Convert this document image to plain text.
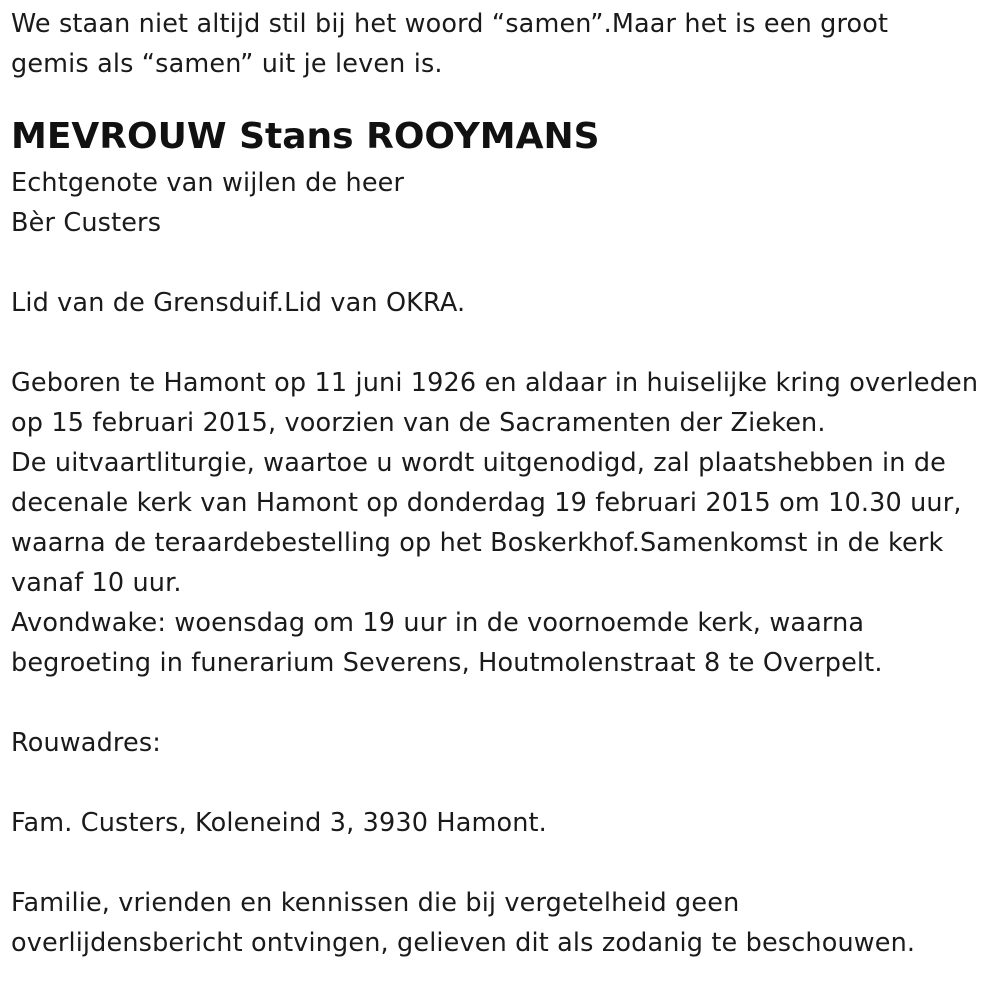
We staan niet altijd stil bij het woord “samen”.Maar het is een groot
gemis als “samen” uit je leven is.
MEVROUW Stans ROOYMANS
Echtgenote van wijlen de heer
Bèr Custers
Lid van de Grensduif.Lid van OKRA.
Geboren te Hamont op 11 juni 1926 en aldaar in huiselijke kring overleden
op 15 februari 2015, voorzien van de Sacramenten der Zieken.
De uitvaartliturgie, waartoe u wordt uitgenodigd, zal plaatshebben in de
decenale kerk van Hamont op donderdag 19 februari 2015 om 10.30 uur,
waarna de teraardebestelling op het Boskerkhof.Samenkomst in de kerk
vanaf 10 uur.
Avondwake: woensdag om 19 uur in de voornoemde kerk, waarna
begroeting in funerarium Severens, Houtmolenstraat 8 te Overpelt.
Rouwadres:
Fam. Custers, Koleneind 3, 3930 Hamont.
Familie, vrienden en kennissen die bij vergetelheid geen
overlijdensbericht ontvingen, gelieven dit als zodanig te beschouwen.
